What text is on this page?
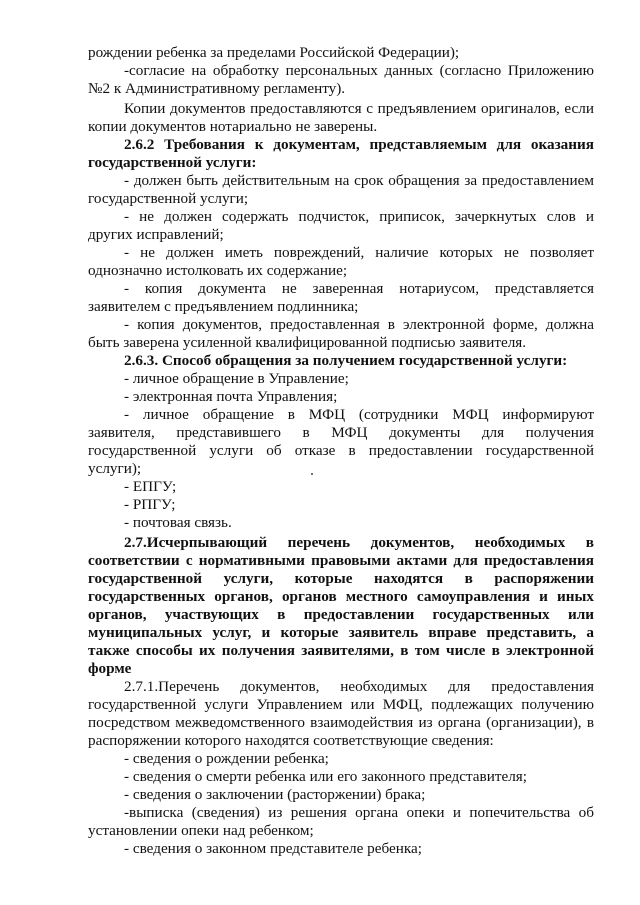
рождении ребенка за пределами Российской Федерации);
-согласие на обработку персональных данных (согласно Приложению
№2 к Административному регламенту).
Копии документов предоставляются с предъявлением оригиналов, если
копии документов нотариально не заверены.
2.6.2 Требования к документам, представляемым для оказания
государственной услуги:
- должен быть действительным на срок обращения за предоставлением
государственной услуги;
- не должен содержать подчисток, приписок, зачеркнутых слов и
других исправлений;
- не должен иметь повреждений, наличие которых не позволяет
однозначно истолковать их содержание;
- копия документа не заверенная нотариусом, представляется
заявителем с предъявлением подлинника;
- копия документов, предоставленная в электронной форме, должна
быть заверена усиленной квалифицированной подписью заявителя.
2.6.3. Способ обращения за получением государственной услуги:
- личное обращение в Управление;
- электронная почта Управления;
- личное обращение в МФЦ (сотрудники МФЦ информируют
заявителя, представившего в МФЦ документы для получения
государственной услуги об отказе в предоставлении государственной
услуги);
- ЕПГУ;
- РПГУ;
- почтовая связь.
2.7.Исчерпывающий перечень документов, необходимых в
соответствии с нормативными правовыми актами для предоставления
государственной услуги, которые находятся в распоряжении
государственных органов, органов местного самоуправления и иных
органов, участвующих в предоставлении государственных или
муниципальных услуг, и которые заявитель вправе представить, а
также способы их получения заявителями, в том числе в электронной
форме
2.7.1.Перечень документов, необходимых для предоставления
государственной услуги Управлением или МФЦ, подлежащих получению
посредством межведомственного взаимодействия из органа (организации), в
распоряжении которого находятся соответствующие сведения:
- сведения о рождении ребенка;
- сведения о смерти ребенка или его законного представителя;
- сведения о заключении (расторжении) брака;
-выписка (сведения) из решения органа опеки и попечительства об
установлении опеки над ребенком;
- сведения о законном представителе ребенка;
